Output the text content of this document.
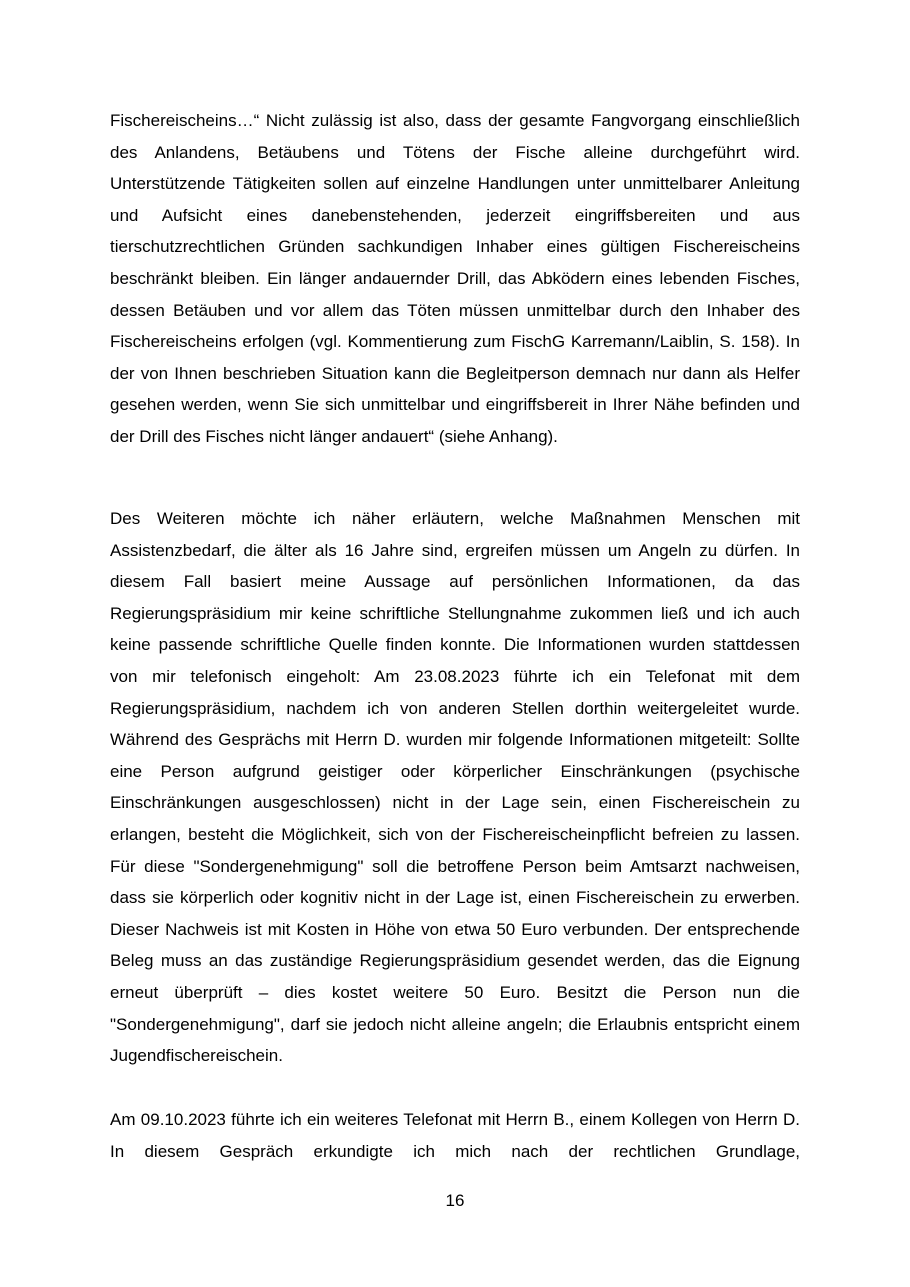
Fischereischeins…“ Nicht zulässig ist also, dass der gesamte Fangvorgang einschließlich des Anlandens, Betäubens und Tötens der Fische alleine durchgeführt wird. Unterstützende Tätigkeiten sollen auf einzelne Handlungen unter unmittelbarer Anleitung und Aufsicht eines danebenstehenden, jederzeit eingriffsbereiten und aus tierschutzrechtlichen Gründen sachkundigen Inhaber eines gültigen Fischereischeins beschränkt bleiben. Ein länger andauernder Drill, das Abködern eines lebenden Fisches, dessen Betäuben und vor allem das Töten müssen unmittelbar durch den Inhaber des Fischereischeins erfolgen (vgl. Kommentierung zum FischG Karremann/Laiblin, S. 158). In der von Ihnen beschrieben Situation kann die Begleitperson demnach nur dann als Helfer gesehen werden, wenn Sie sich unmittelbar und eingriffsbereit in Ihrer Nähe befinden und der Drill des Fisches nicht länger andauert“ (siehe Anhang).

Des Weiteren möchte ich näher erläutern, welche Maßnahmen Menschen mit Assistenzbedarf, die älter als 16 Jahre sind, ergreifen müssen um Angeln zu dürfen. In diesem Fall basiert meine Aussage auf persönlichen Informationen, da das Regierungspräsidium mir keine schriftliche Stellungnahme zukommen ließ und ich auch keine passende schriftliche Quelle finden konnte. Die Informationen wurden stattdessen von mir telefonisch eingeholt: Am 23.08.2023 führte ich ein Telefonat mit dem Regierungspräsidium, nachdem ich von anderen Stellen dorthin weitergeleitet wurde. Während des Gesprächs mit Herrn D. wurden mir folgende Informationen mitgeteilt: Sollte eine Person aufgrund geistiger oder körperlicher Einschränkungen (psychische Einschränkungen ausgeschlossen) nicht in der Lage sein, einen Fischereischein zu erlangen, besteht die Möglichkeit, sich von der Fischereischeinpflicht befreien zu lassen. Für diese "Sondergenehmigung" soll die betroffene Person beim Amtsarzt nachweisen, dass sie körperlich oder kognitiv nicht in der Lage ist, einen Fischereischein zu erwerben. Dieser Nachweis ist mit Kosten in Höhe von etwa 50 Euro verbunden. Der entsprechende Beleg muss an das zuständige Regierungspräsidium gesendet werden, das die Eignung erneut überprüft – dies kostet weitere 50 Euro. Besitzt die Person nun die "Sondergenehmigung", darf sie jedoch nicht alleine angeln; die Erlaubnis entspricht einem Jugendfischereischein.

Am 09.10.2023 führte ich ein weiteres Telefonat mit Herrn B., einem Kollegen von Herrn D. In diesem Gespräch erkundigte ich mich nach der rechtlichen Grundlage,

16
